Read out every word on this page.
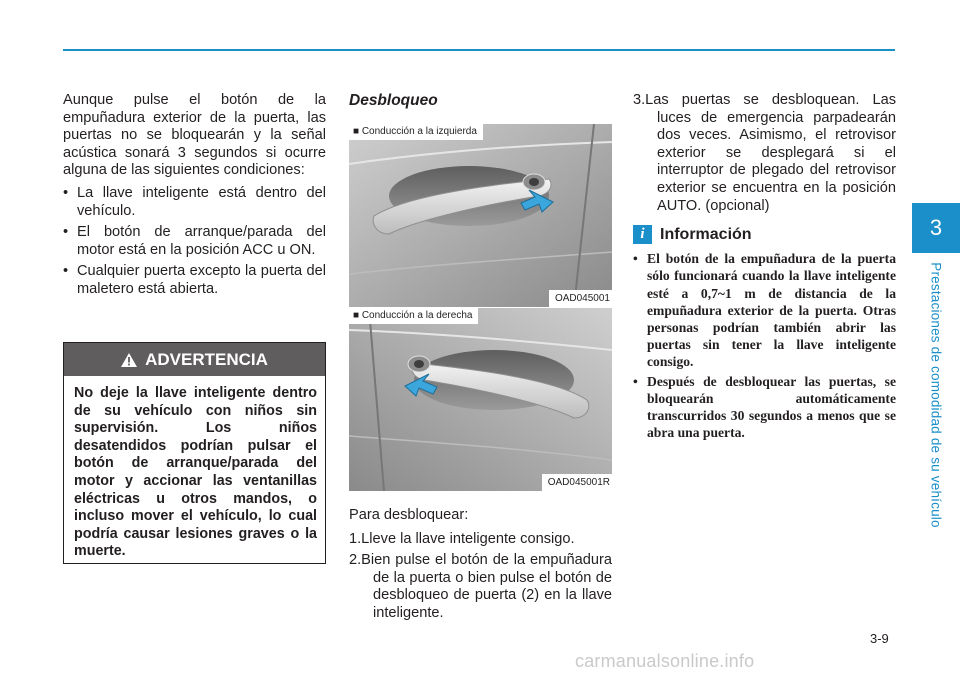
3
Prestaciones de comodidad de su vehículo

Aunque pulse el botón de la empuñadura exterior de la puerta, las puertas no se bloquearán y la señal acústica sonará 3 segundos si ocurre alguna de las siguientes condiciones:

• La llave inteligente está dentro del vehículo.
• El botón de arranque/parada del motor está en la posición ACC u ON.
• Cualquier puerta excepto la puerta del maletero está abierta.
ADVERTENCIA
No deje la llave inteligente dentro de su vehículo con niños sin supervisión. Los niños desatendidos podrían pulsar el botón de arranque/parada del motor y accionar las ventanillas eléctricas u otros mandos, o incluso mover el vehículo, lo cual podría causar lesiones graves o la muerte.
Desbloqueo
■ Conducción a la izquierda
OAD045001
■ Conducción a la derecha
OAD045001R

Para desbloquear:

1.Lleve la llave inteligente consigo.
2.Bien pulse el botón de la empuñadura de la puerta o bien pulse el botón de desbloqueo de puerta (2) en la llave inteligente.
3.Las puertas se desbloquean. Las luces de emergencia parpadearán dos veces. Asimismo, el retrovisor exterior se desplegará si el interruptor de plegado del retrovisor exterior se encuentra en la posición AUTO. (opcional)
i Información
• El botón de la empuñadura de la puerta sólo funcionará cuando la llave inteligente esté a 0,7~1 m de distancia de la empuñadura exterior de la puerta. Otras personas podrían también abrir las puertas sin tener la llave inteligente consigo.
• Después de desbloquear las puertas, se bloquearán automáticamente transcurridos 30 segundos a menos que se abra una puerta.
3-9
carmanualsonline.info
